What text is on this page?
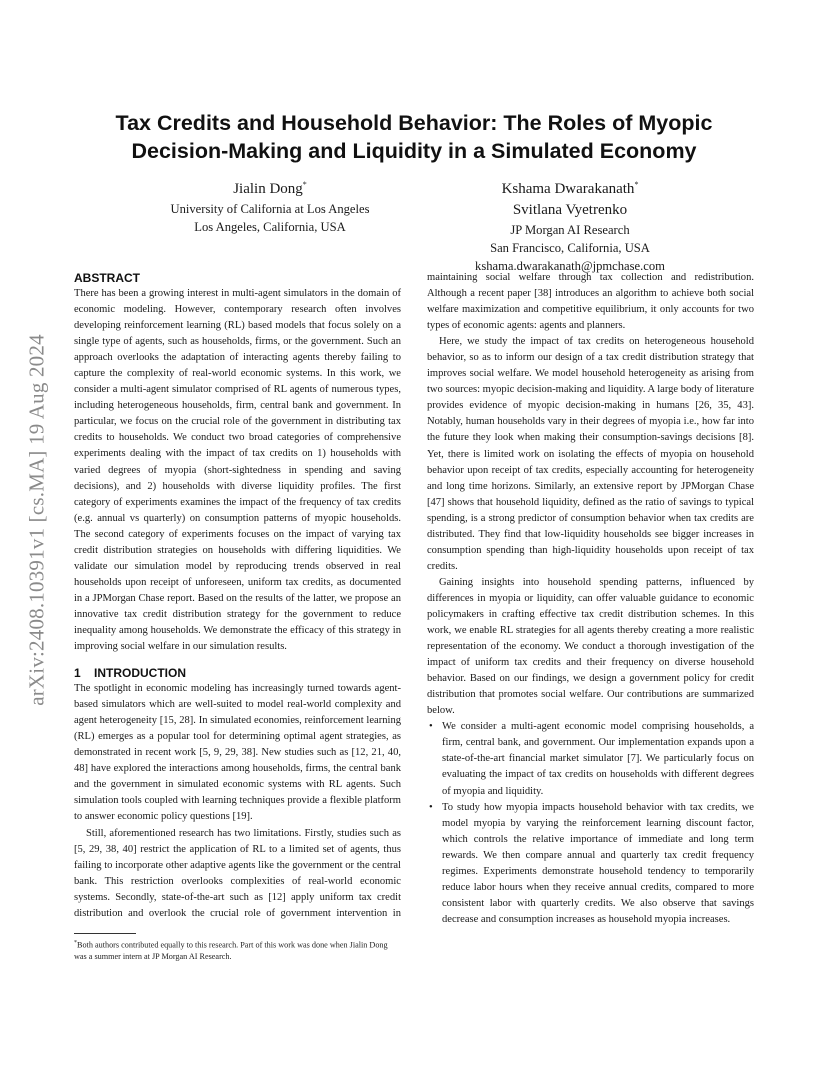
arXiv:2408.10391v1 [cs.MA] 19 Aug 2024
Tax Credits and Household Behavior: The Roles of Myopic
Decision-Making and Liquidity in a Simulated Economy
Jialin Dong*
University of California at Los Angeles
Los Angeles, California, USA
Kshama Dwarakanath*
Svitlana Vyetrenko
JP Morgan AI Research
San Francisco, California, USA
kshama.dwarakanath@jpmchase.com
ABSTRACT

There has been a growing interest in multi-agent simulators in the domain of economic modeling. However, contemporary research often involves developing reinforcement learning (RL) based models that focus solely on a single type of agents, such as households, firms, or the government. Such an approach overlooks the adaptation of interacting agents thereby failing to capture the complexity of real-world economic systems. In this work, we consider a multi-agent simulator comprised of RL agents of numerous types, including heterogeneous households, firm, central bank and government. In particular, we focus on the crucial role of the government in distributing tax credits to households. We conduct two broad categories of comprehensive experiments dealing with the impact of tax credits on 1) households with varied degrees of myopia (short-sightedness in spending and saving decisions), and 2) households with diverse liquidity profiles. The first category of experiments examines the impact of the frequency of tax credits (e.g. annual vs quarterly) on consumption patterns of myopic households. The second category of experiments focuses on the impact of varying tax credit distribution strategies on households with differing liquidities. We validate our simulation model by reproducing trends observed in real households upon receipt of unforeseen, uniform tax credits, as documented in a JPMorgan Chase report. Based on the results of the latter, we propose an innovative tax credit distribution strategy for the government to reduce inequality among households. We demonstrate the efficacy of this strategy in improving social welfare in our simulation results.

1 INTRODUCTION

The spotlight in economic modeling has increasingly turned towards agent-based simulators which are well-suited to model real-world complexity and agent heterogeneity [15, 28]. In simulated economies, reinforcement learning (RL) emerges as a popular tool for determining optimal agent strategies, as demonstrated in recent work [5, 9, 29, 38]. New studies such as [12, 21, 40, 48] have explored the interactions among households, firms, the central bank and the government in simulated economic systems with RL agents. Such simulation tools coupled with learning techniques provide a flexible platform to answer economic policy questions [19].

Still, aforementioned research has two limitations. Firstly, studies such as [5, 29, 38, 40] restrict the application of RL to a limited set of agents, thus failing to incorporate other adaptive agents like the government or the central bank. This restriction overlooks complexities of real-world economic systems. Secondly, state-of-the-art such as [12] apply uniform tax credit distribution and overlook the crucial role of government intervention in

maintaining social welfare through tax collection and redistribution. Although a recent paper [38] introduces an algorithm to achieve both social welfare maximization and competitive equilibrium, it only accounts for two types of economic agents: agents and planners.

Here, we study the impact of tax credits on heterogeneous household behavior, so as to inform our design of a tax credit distribution strategy that improves social welfare. We model household heterogeneity as arising from two sources: myopic decision-making and liquidity. A large body of literature provides evidence of myopic decision-making in humans [26, 35, 43]. Notably, human households vary in their degrees of myopia i.e., how far into the future they look when making their consumption-savings decisions [8]. Yet, there is limited work on isolating the effects of myopia on household behavior upon receipt of tax credits, especially accounting for heterogeneity and long time horizons. Similarly, an extensive report by JPMorgan Chase [47] shows that household liquidity, defined as the ratio of savings to typical spending, is a strong predictor of consumption behavior when tax credits are distributed. They find that low-liquidity households see bigger increases in consumption spending than high-liquidity households upon receipt of tax credits.

Gaining insights into household spending patterns, influenced by differences in myopia or liquidity, can offer valuable guidance to economic policymakers in crafting effective tax credit distribution schemes. In this work, we enable RL strategies for all agents thereby creating a more realistic representation of the economy. We conduct a thorough investigation of the impact of uniform tax credits and their frequency on diverse household behavior. Based on our findings, we design a government policy for credit distribution that promotes social welfare. Our contributions are summarized below.

• We consider a multi-agent economic model comprising households, a firm, central bank, and government. Our implementation expands upon a state-of-the-art financial market simulator [7]. We particularly focus on evaluating the impact of tax credits on households with different degrees of myopia and liquidity.
• To study how myopia impacts household behavior with tax credits, we model myopia by varying the reinforcement learning discount factor, which controls the relative importance of immediate and long term rewards. We then compare annual and quarterly tax credit frequency regimes. Experiments demonstrate household tendency to temporarily reduce labor hours when they receive annual credits, compared to more consistent labor with quarterly credits. We also observe that savings decrease and consumption increases as household myopia increases.
*Both authors contributed equally to this research. Part of this work was done when Jialin Dong was a summer intern at JP Morgan AI Research.
